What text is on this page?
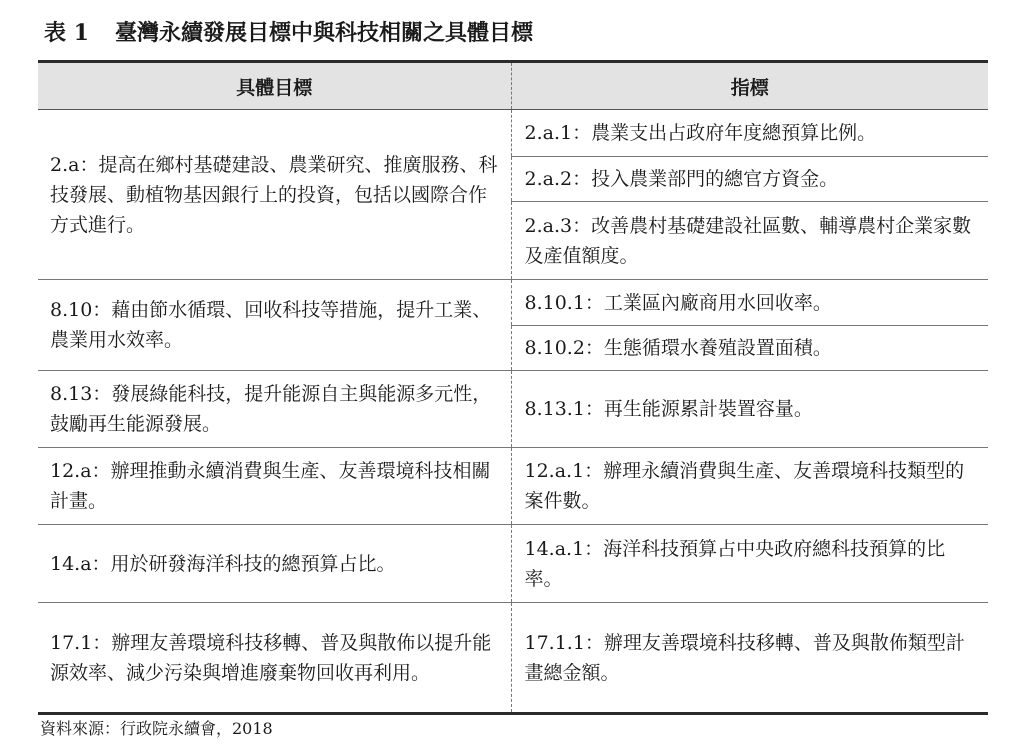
表 1 臺灣永續發展目標中與科技相關之具體目標
具體目標	指標
2.a：提高在鄉村基礎建設、農業研究、推廣服務、科技發展、動植物基因銀行上的投資，包括以國際合作方式進行。	2.a.1：農業支出占政府年度總預算比例。
	2.a.2：投入農業部門的總官方資金。
	2.a.3：改善農村基礎建設社區數、輔導農村企業家數及產值額度。
8.10：藉由節水循環、回收科技等措施，提升工業、農業用水效率。	8.10.1：工業區內廠商用水回收率。
	8.10.2：生態循環水養殖設置面積。
8.13：發展綠能科技，提升能源自主與能源多元性，鼓勵再生能源發展。	8.13.1：再生能源累計裝置容量。
12.a：辦理推動永續消費與生產、友善環境科技相關計畫。	12.a.1：辦理永續消費與生產、友善環境科技類型的案件數。
14.a：用於研發海洋科技的總預算占比。	14.a.1：海洋科技預算占中央政府總科技預算的比率。
17.1：辦理友善環境科技移轉、普及與散佈以提升能源效率、減少污染與增進廢棄物回收再利用。	17.1.1：辦理友善環境科技移轉、普及與散佈類型計畫總金額。
資料來源：行政院永續會，2018
